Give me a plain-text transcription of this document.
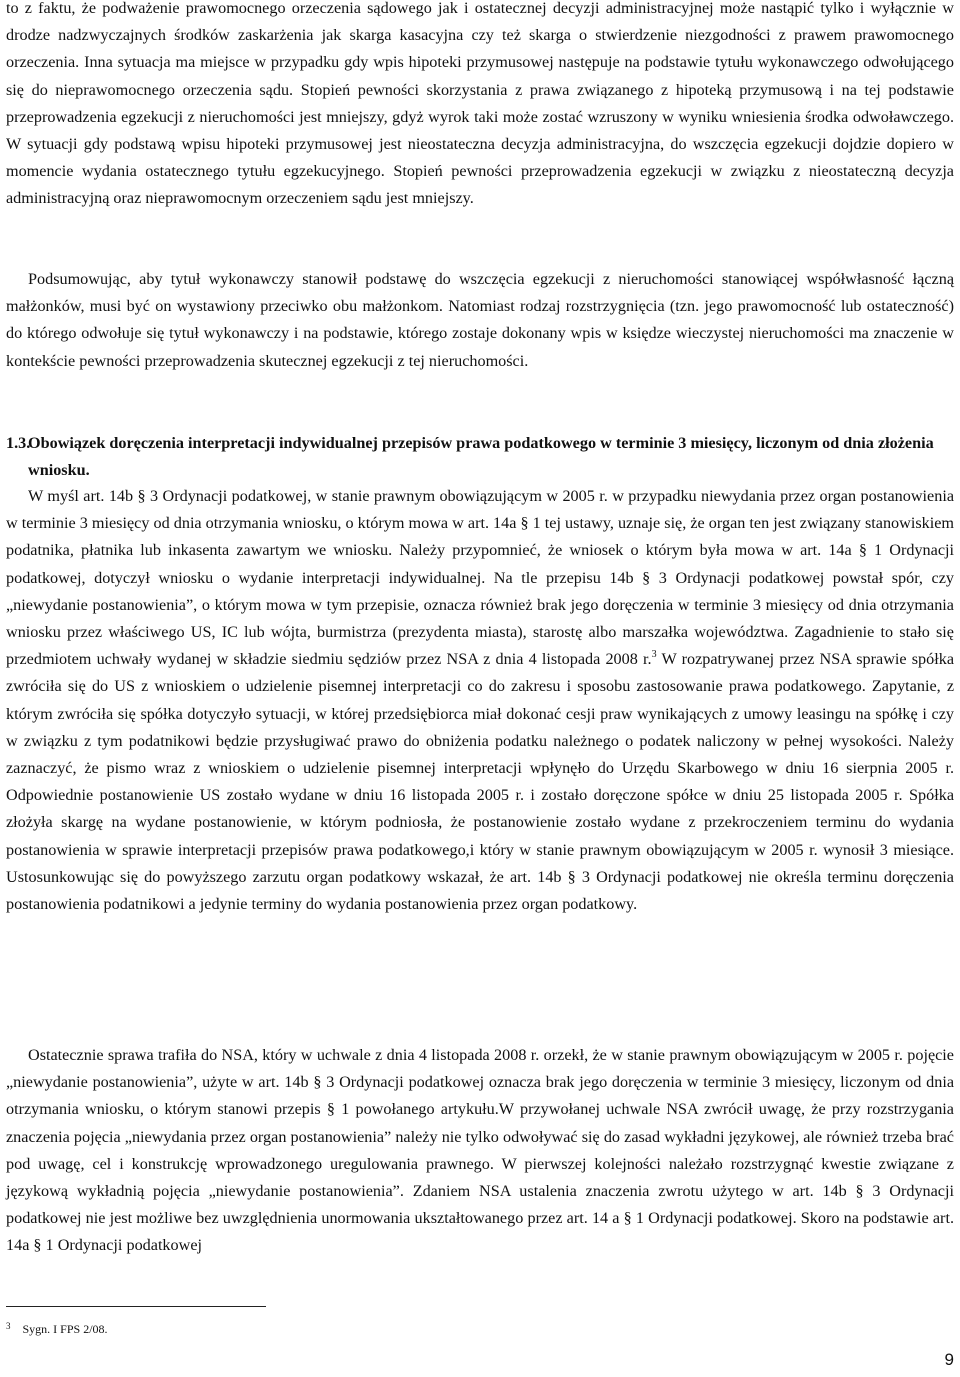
to z faktu, że podważenie prawomocnego orzeczenia sądowego jak i ostatecznej decyzji administracyjnej może nastąpić tylko i wyłącznie w drodze nadzwyczajnych środków zaskarżenia jak skarga kasacyjna czy też skarga o stwierdzenie niezgodności z prawem prawomocnego orzeczenia. Inna sytuacja ma miejsce w przypadku gdy wpis hipoteki przymusowej następuje na podstawie tytułu wykonawczego odwołującego się do nieprawomocnego orzeczenia sądu. Stopień pewności skorzystania z prawa związanego z hipoteką przymusową i na tej podstawie przeprowadzenia egzekucji z nieruchomości jest mniejszy, gdyż wyrok taki może zostać wzruszony w wyniku wniesienia środka odwoławczego. W sytuacji gdy podstawą wpisu hipoteki przymusowej jest nieostateczna decyzja administracyjna, do wszczęcia egzekucji dojdzie dopiero w momencie wydania ostatecznego tytułu egzekucyjnego. Stopień pewności przeprowadzenia egzekucji w związku z nieostateczną decyzja administracyjną oraz nieprawomocnym orzeczeniem sądu jest mniejszy.

Podsumowując, aby tytuł wykonawczy stanowił podstawę do wszczęcia egzekucji z nieruchomości stanowiącej współwłasność łączną małżonków, musi być on wystawiony przeciwko obu małżonkom. Natomiast rodzaj rozstrzygnięcia (tzn. jego prawomocność lub ostateczność) do którego odwołuje się tytuł wykonawczy i na podstawie, którego zostaje dokonany wpis w księdze wieczystej nieruchomości ma znaczenie w kontekście pewności przeprowadzenia skutecznej egzekucji z tej nieruchomości.

1.3.
Obowiązek doręczenia interpretacji indywidualnej przepisów prawa podatkowego w terminie 3 miesięcy, liczonym od dnia złożenia wniosku.

W myśl art. 14b § 3 Ordynacji podatkowej, w stanie prawnym obowiązującym w 2005 r. w przypadku niewydania przez organ postanowienia w terminie 3 miesięcy od dnia otrzymania wniosku, o którym mowa w art. 14a § 1 tej ustawy, uznaje się, że organ ten jest związany stanowiskiem podatnika, płatnika lub inkasenta zawartym we wniosku. Należy przypomnieć, że wniosek o którym była mowa w art. 14a § 1 Ordynacji podatkowej, dotyczył wniosku o wydanie interpretacji indywidualnej. Na tle przepisu 14b § 3 Ordynacji podatkowej powstał spór, czy „niewydanie postanowienia”, o którym mowa w tym przepisie, oznacza również brak jego doręczenia w terminie 3 miesięcy od dnia otrzymania wniosku przez właściwego US, IC lub wójta, burmistrza (prezydenta miasta), starostę albo marszałka województwa. Zagadnienie to stało się przedmiotem uchwały wydanej w składzie siedmiu sędziów przez NSA z dnia 4 listopada 2008 r.$^3$ W rozpatrywanej przez NSA sprawie spółka zwróciła się do US z wnioskiem o udzielenie pisemnej interpretacji co do zakresu i sposobu zastosowanie prawa podatkowego. Zapytanie, z którym zwróciła się spółka dotyczyło sytuacji, w której przedsiębiorca miał dokonać cesji praw wynikających z umowy leasingu na spółkę i czy w związku z tym podatnikowi będzie przysługiwać prawo do obniżenia podatku należnego o podatek naliczony w pełnej wysokości. Należy zaznaczyć, że pismo wraz z wnioskiem o udzielenie pisemnej interpretacji wpłynęło do Urzędu Skarbowego w dniu 16 sierpnia 2005 r. Odpowiednie postanowienie US zostało wydane w dniu 16 listopada 2005 r. i zostało doręczone spółce w dniu 25 listopada 2005 r. Spółka złożyła skargę na wydane postanowienie, w którym podniosła, że postanowienie zostało wydane z przekroczeniem terminu do wydania postanowienia w sprawie interpretacji przepisów prawa podatkowego,i który w stanie prawnym obowiązującym w 2005 r. wynosił 3 miesiące. Ustosunkowując się do powyższego zarzutu organ podatkowy wskazał, że art. 14b § 3 Ordynacji podatkowej nie określa terminu doręczenia postanowienia podatnikowi a jedynie terminy do wydania postanowienia przez organ podatkowy.

Ostatecznie sprawa trafiła do NSA, który w uchwale z dnia 4 listopada 2008 r. orzekł, że w stanie prawnym obowiązującym w 2005 r. pojęcie „niewydanie postanowienia”, użyte w art. 14b § 3 Ordynacji podatkowej oznacza brak jego doręczenia w terminie 3 miesięcy, liczonym od dnia otrzymania wniosku, o którym stanowi przepis § 1 powołanego artykułu.W przywołanej uchwale NSA zwrócił uwagę, że przy rozstrzygania znaczenia pojęcia „niewydania przez organ postanowienia” należy nie tylko odwoływać się do zasad wykładni językowej, ale również trzeba brać pod uwagę, cel i konstrukcję wprowadzonego uregulowania prawnego. W pierwszej kolejności należało rozstrzygnąć kwestie związane z językową wykładnią pojęcia „niewydanie postanowienia”. Zdaniem NSA ustalenia znaczenia zwrotu użytego w art. 14b § 3 Ordynacji podatkowej nie jest możliwe bez uwzględnienia unormowania ukształtowanego przez art. 14 a § 1 Ordynacji podatkowej. Skoro na podstawie art. 14a § 1 Ordynacji podatkowej

$^3$ Sygn. I FPS 2/08.
9
